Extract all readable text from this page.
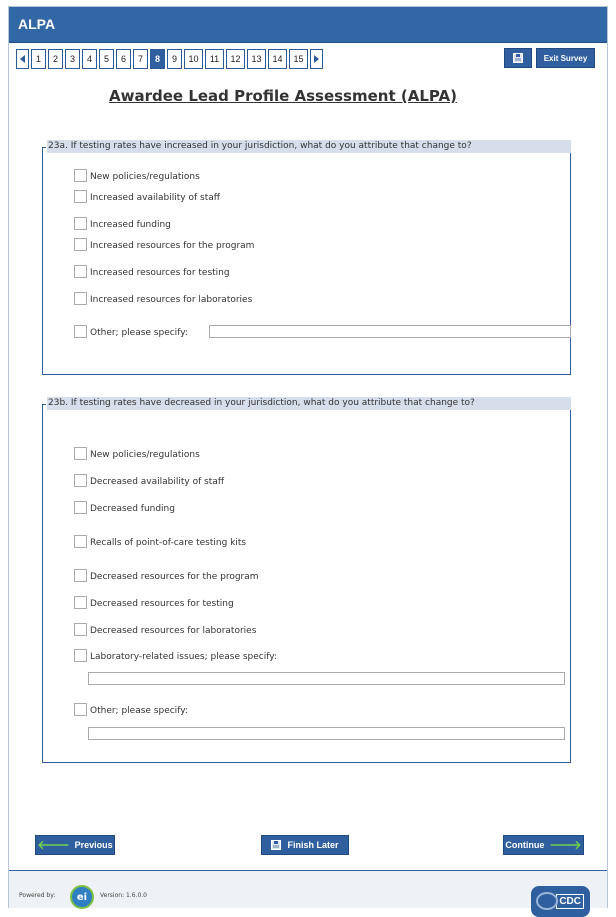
ALPA
1	2	3	4	5	6	7	8	9	10	11	12	13	14	15	Exit Survey
Awardee Lead Profile Assessment (ALPA)
23a. If testing rates have increased in your jurisdiction, what do you attribute that change to?
New policies/regulations
Increased availability of staff
Increased funding
Increased resources for the program
Increased resources for testing
Increased resources for laboratories
Other; please specify:
23b. If testing rates have decreased in your jurisdiction, what do you attribute that change to?
New policies/regulations
Decreased availability of staff
Decreased funding
Recalls of point-of-care testing kits
Decreased resources for the program
Decreased resources for testing
Decreased resources for laboratories
Laboratory-related issues; please specify:
Other; please specify:
🡐 Previous	Finish Later	Continue 🡒
Powered by:	ei	Version: 1.6.0.0
CDC
